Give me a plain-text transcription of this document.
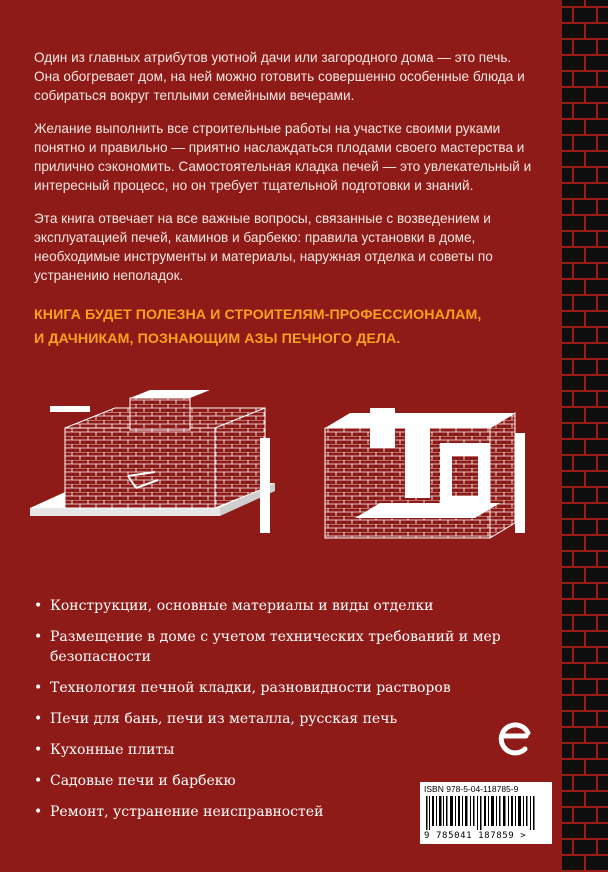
Один из главных атрибутов уютной дачи или загородного дома — это печь. Она обогревает дом, на ней можно готовить совершенно особенные блюда и собираться вокруг теплыми семейными вечерами.

Желание выполнить все строительные работы на участке своими руками понятно и правильно — приятно наслаждаться плодами своего мастерства и прилично сэкономить. Самостоятельная кладка печей — это увлекательный и интересный процесс, но он требует тщательной подготовки и знаний.

Эта книга отвечает на все важные вопросы, связанные с возведением и эксплуатацией печей, каминов и барбекю: правила установки в доме, необходимые инструменты и материалы, наружная отделка и советы по устранению неполадок.

КНИГА БУДЕТ ПОЛЕЗНА И СТРОИТЕЛЯМ-ПРОФЕССИОНАЛАМ,
И ДАЧНИКАМ, ПОЗНАЮЩИМ АЗЫ ПЕЧНОГО ДЕЛА.
• Конструкции, основные материалы и виды отделки
• Размещение в доме с учетом технических требований и мер безопасности
• Технология печной кладки, разновидности растворов
• Печи для бань, печи из металла, русская печь
• Кухонные плиты
• Садовые печи и барбекю
• Ремонт, устранение неисправностей
ISBN 978-5-04-118785-9
9 785041 187859 >
